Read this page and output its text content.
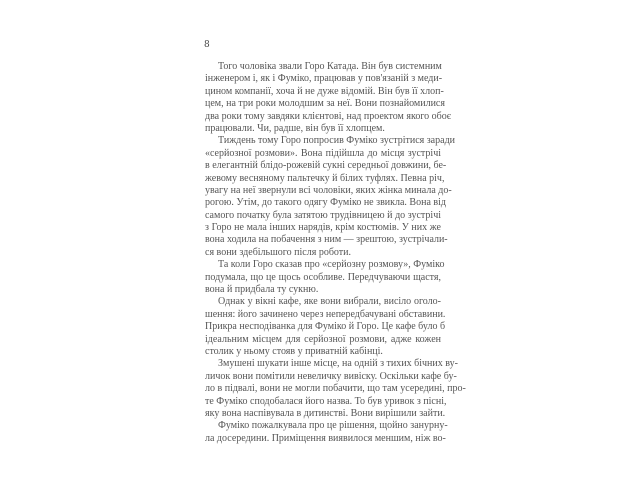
8
Того чоловіка звали Горо Катада. Він був системним
інженером і, як і Фуміко, працював у пов'язаній з меди-
цином компанії, хоча й не дуже відомій. Він був її хлоп-
цем, на три роки молодшим за неї. Вони познайомилися
два роки тому завдяки клієнтові, над проектом якого обоє
працювали. Чи, радше, він був її хлопцем.
Тиждень тому Горо попросив Фуміко зустрітися заради
«серйозної розмови». Вона підійшла до місця зустрічі
в елегантній блідо-рожевій сукні середньої довжини, бе-
жевому весняному пальтечку й білих туфлях. Певна річ,
увагу на неї звернули всі чоловіки, яких жінка минала до-
рогою. Утім, до такого одягу Фуміко не звикла. Вона від
самого початку була затятою трудівницею й до зустрічі
з Горо не мала інших нарядів, крім костюмів. У них же
вона ходила на побачення з ним — зрештою, зустрічали-
ся вони здебільшого після роботи.
Та коли Горо сказав про «серйозну розмову», Фуміко
подумала, що це щось особливе. Передчуваючи щастя,
вона й придбала ту сукню.
Однак у вікні кафе, яке вони вибрали, висіло оголо-
шення: його зачинено через непередбачувані обставини.
Прикра несподіванка для Фуміко й Горо. Це кафе було б
ідеальним місцем для серйозної розмови, адже кожен
столик у ньому стояв у приватній кабінці.
Змушені шукати інше місце, на одній з тихих бічних ву-
личок вони помітили невеличку вивіску. Оскільки кафе бу-
ло в підвалі, вони не могли побачити, що там усередині, про-
те Фуміко сподобалася його назва. То був уривок з пісні,
яку вона наспівувала в дитинстві. Вони вирішили зайти.
Фуміко пожалкувала про це рішення, щойно занурну-
ла досередини. Приміщення виявилося меншим, ніж во-
